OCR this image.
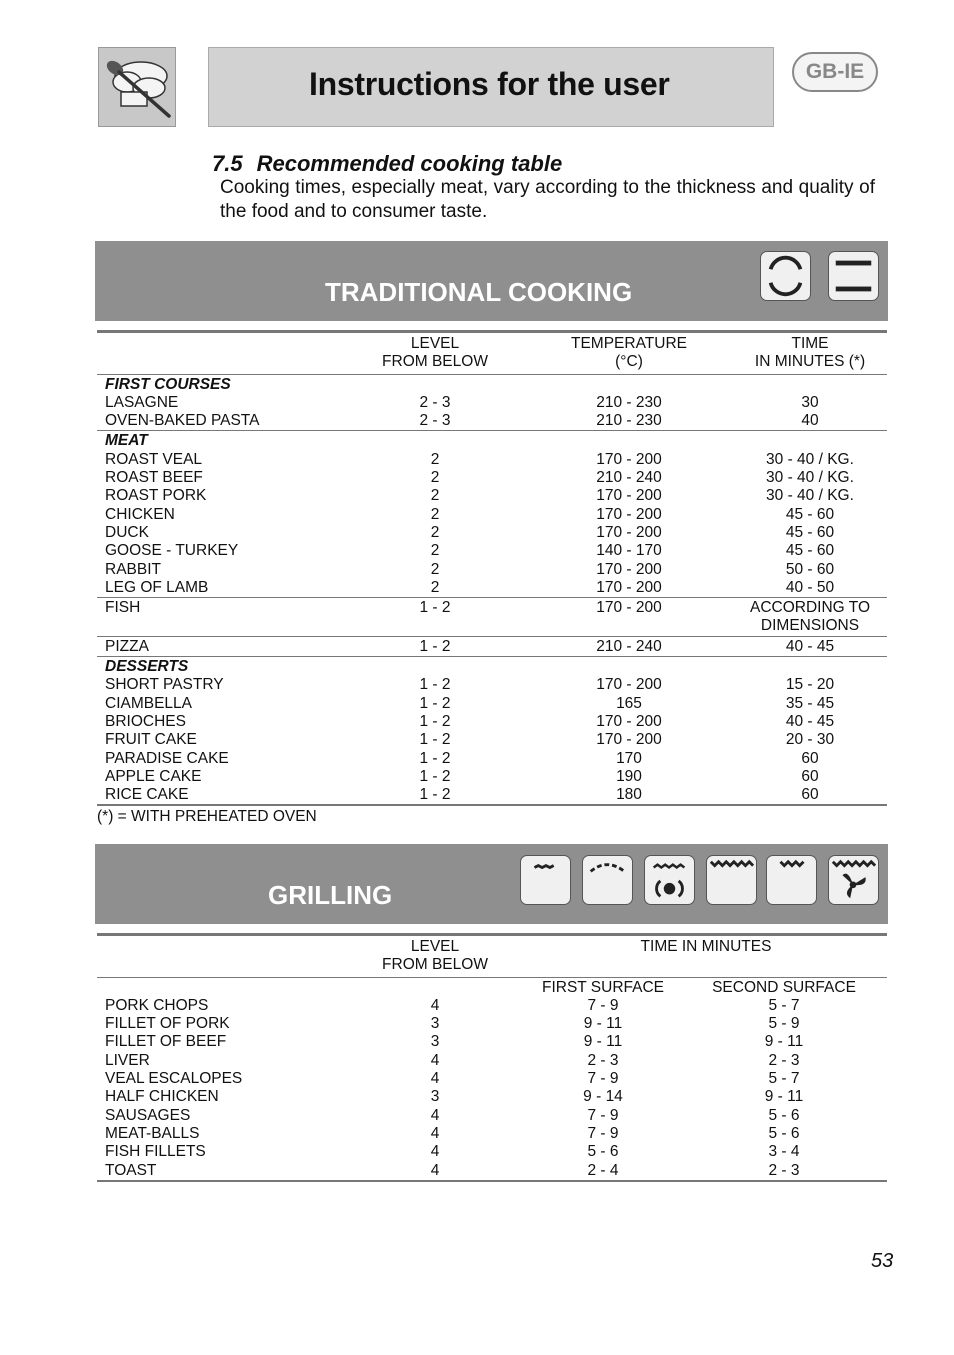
Instructions for the user	GB-IE
7.5 Recommended cooking table
Cooking times, especially meat, vary according to the thickness and quality of the food and to consumer taste.
TRADITIONAL COOKING
	LEVEL	TEMPERATURE	TIME
	FROM BELOW	(°C)	IN MINUTES (*)
FIRST COURSES			
LASAGNE	2 - 3	210 - 230	30
OVEN-BAKED PASTA	2 - 3	210 - 230	40
MEAT			
ROAST VEAL	2	170 - 200	30 - 40 / KG.
ROAST BEEF	2	210 - 240	30 - 40 / KG.
ROAST PORK	2	170 - 200	30 - 40 / KG.
CHICKEN	2	170 - 200	45 - 60
DUCK	2	170 - 200	45 - 60
GOOSE - TURKEY	2	140 - 170	45 - 60
RABBIT	2	170 - 200	50 - 60
LEG OF LAMB	2	170 - 200	40 - 50
FISH	1 - 2	170 - 200	ACCORDING TO
			DIMENSIONS
PIZZA	1 - 2	210 - 240	40 - 45
DESSERTS			
SHORT PASTRY	1 - 2	170 - 200	15 - 20
CIAMBELLA	1 - 2	165	35 - 45
BRIOCHES	1 - 2	170 - 200	40 - 45
FRUIT CAKE	1 - 2	170 - 200	20 - 30
PARADISE CAKE	1 - 2	170	60
APPLE CAKE	1 - 2	190	60
RICE CAKE	1 - 2	180	60
(*) = WITH PREHEATED OVEN
GRILLING
	LEVEL	TIME IN MINUTES	
	FROM BELOW		
		FIRST SURFACE	SECOND SURFACE
PORK CHOPS	4	7 - 9	5 - 7
FILLET OF PORK	3	9 - 11	5 - 9
FILLET OF BEEF	3	9 - 11	9 - 11
LIVER	4	2 - 3	2 - 3
VEAL ESCALOPES	4	7 - 9	5 - 7
HALF CHICKEN	3	9 - 14	9 - 11
SAUSAGES	4	7 - 9	5 - 6
MEAT-BALLS	4	7 - 9	5 - 6
FISH FILLETS	4	5 - 6	3 - 4
TOAST	4	2 - 4	2 - 3
53
